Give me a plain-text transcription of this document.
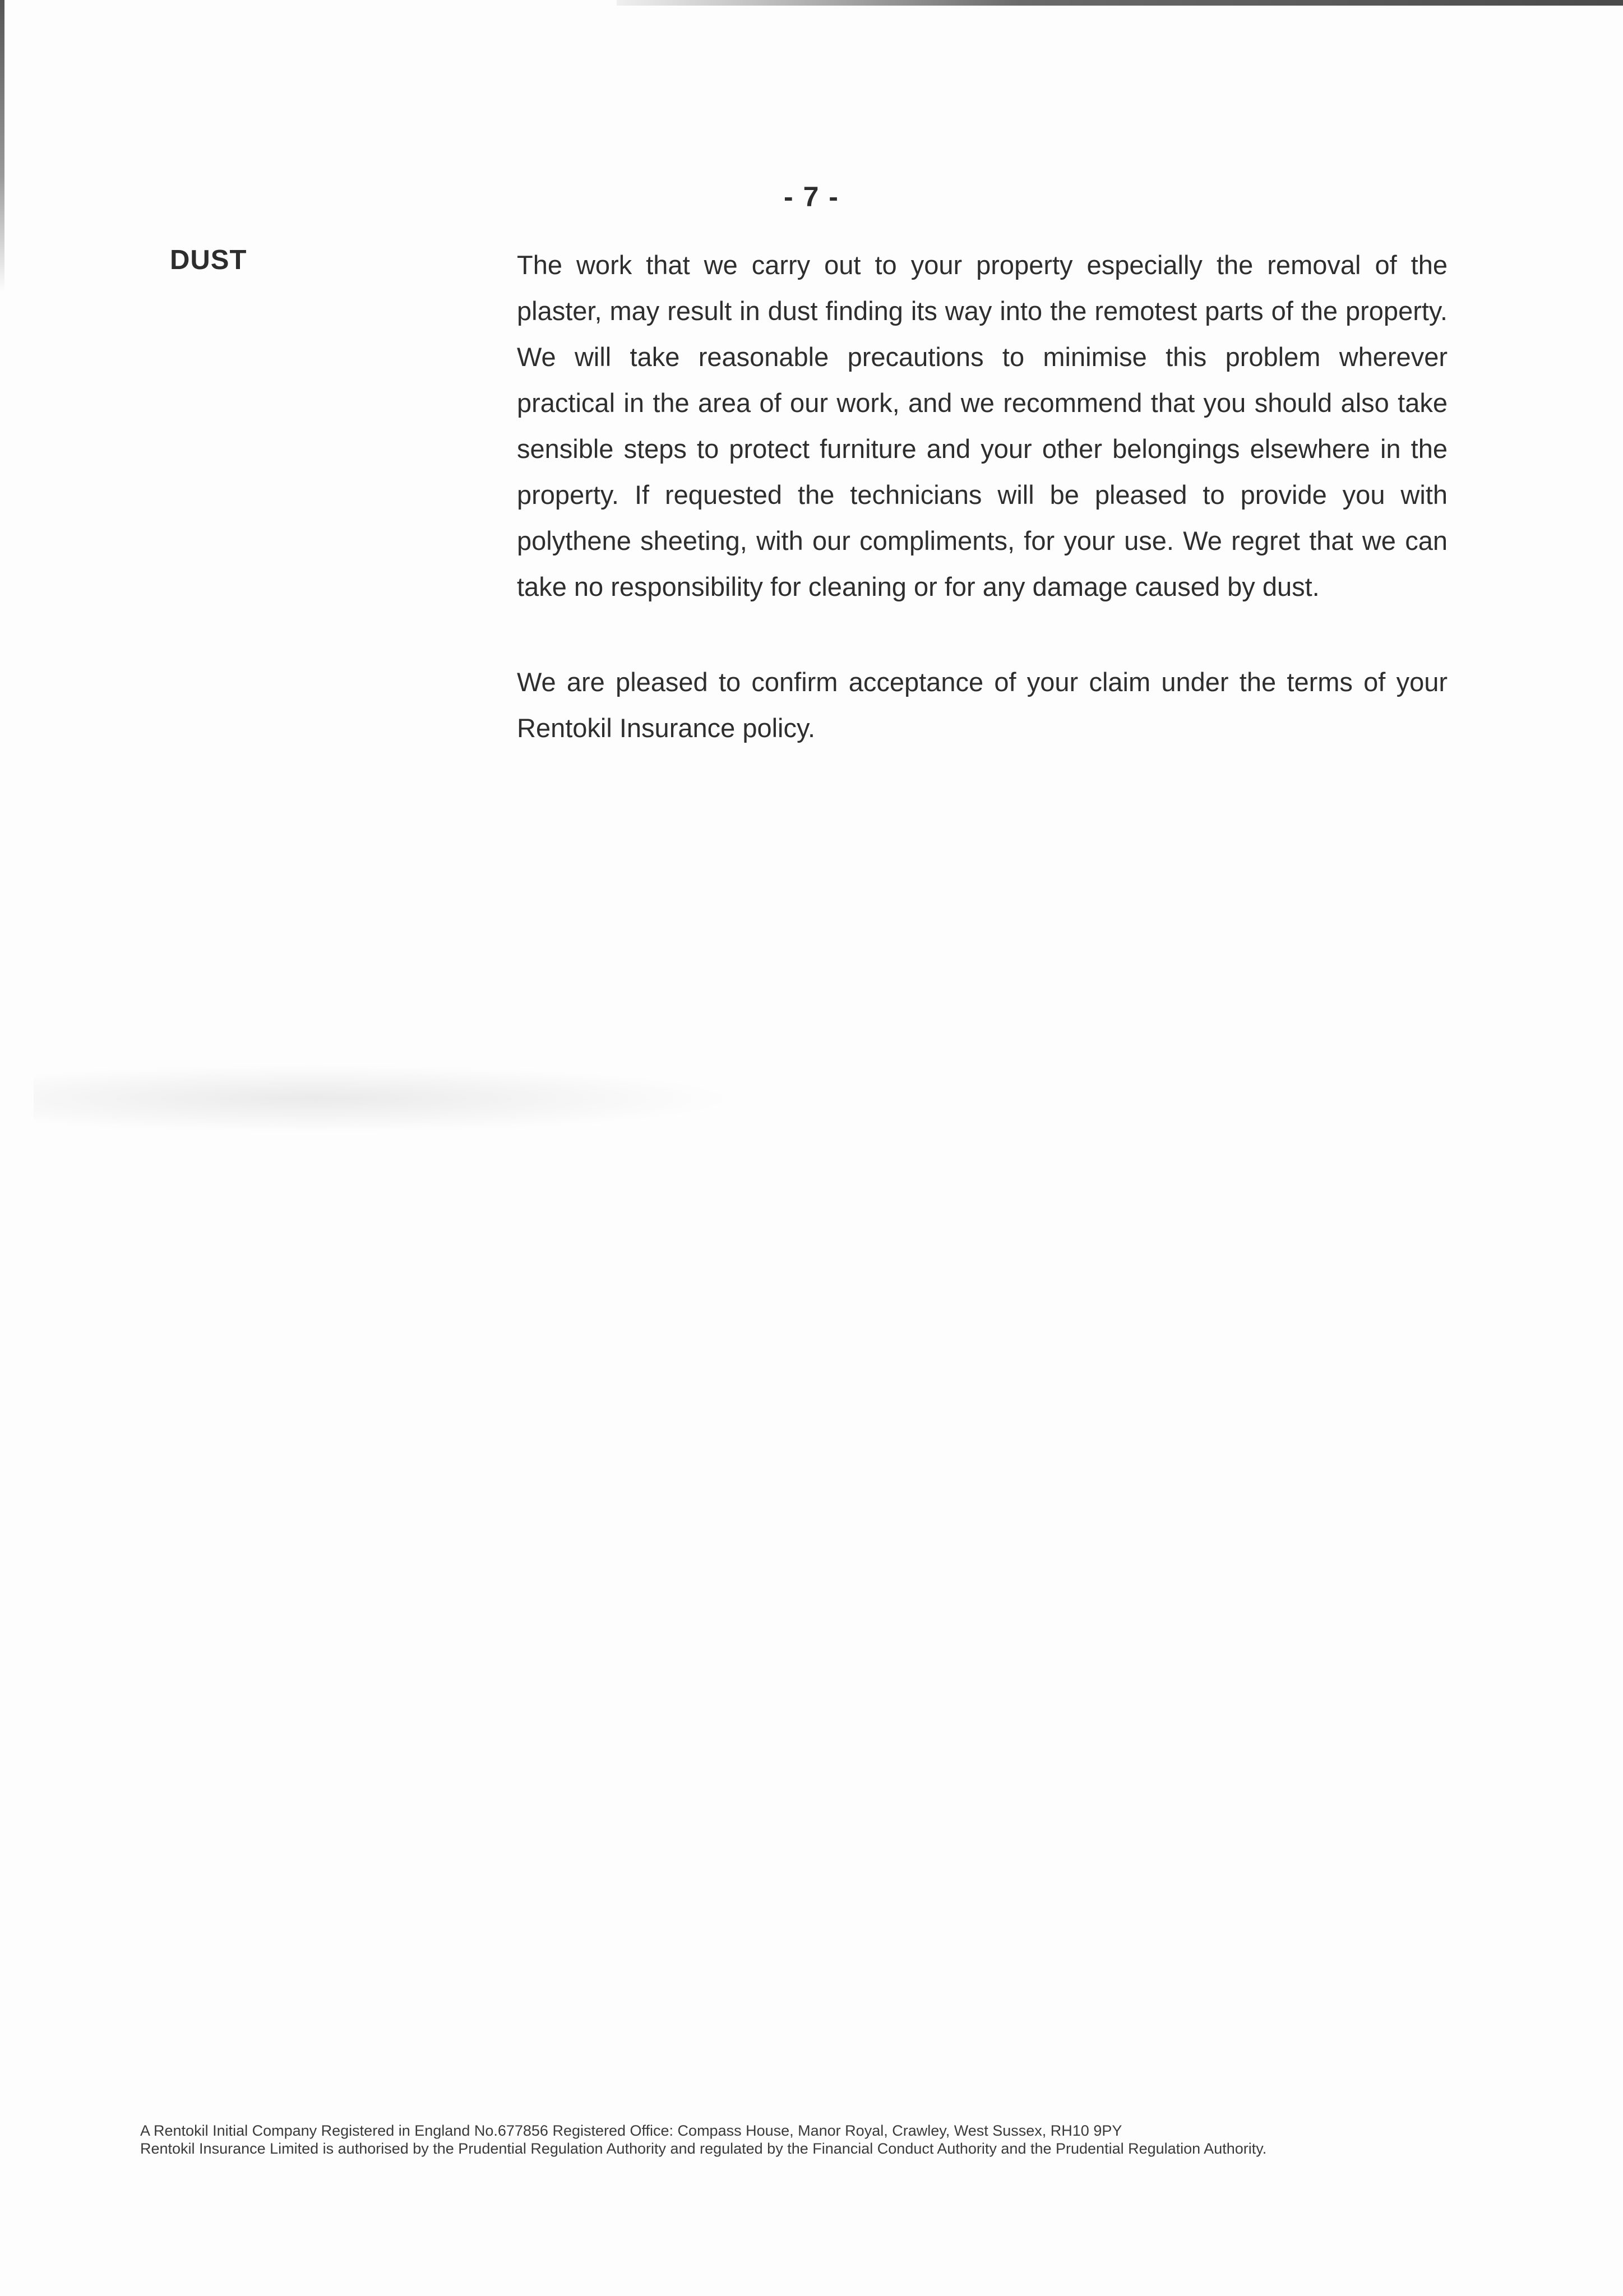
- 7 -
DUST	The work that we carry out to your property especially the removal of the plaster, may result in dust finding its way into the remotest parts of the property. We will take reasonable precautions to minimise this problem wherever practical in the area of our work, and we recommend that you should also take sensible steps to protect furniture and your other belongings elsewhere in the property. If requested the technicians will be pleased to provide you with polythene sheeting, with our compliments, for your use. We regret that we can take no responsibility for cleaning or for any damage caused by dust.

We are pleased to confirm acceptance of your claim under the terms of your Rentokil Insurance policy.

A Rentokil Initial Company Registered in England No.677856 Registered Office: Compass House, Manor Royal, Crawley, West Sussex, RH10 9PY
Rentokil Insurance Limited is authorised by the Prudential Regulation Authority and regulated by the Financial Conduct Authority and the Prudential Regulation Authority.
